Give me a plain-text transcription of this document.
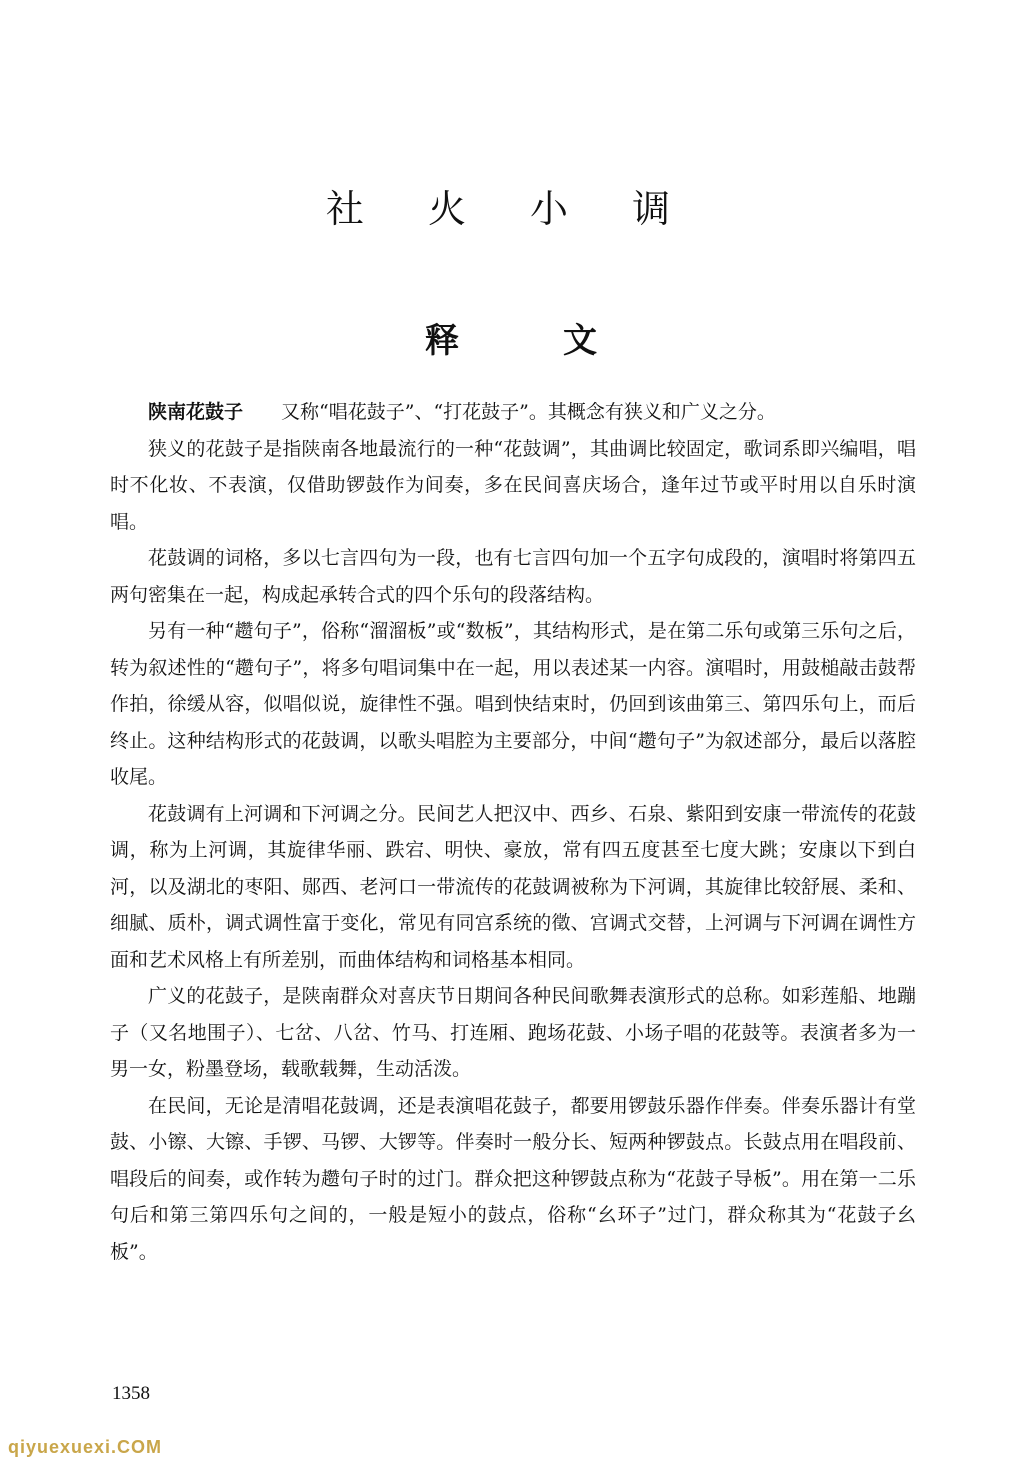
社 火 小 调
释	文

陕南花鼓子 又称“唱花鼓子”、“打花鼓子”。其概念有狭义和广义之分。

狭义的花鼓子是指陕南各地最流行的一种“花鼓调”，其曲调比较固定，歌词系即兴编唱，唱时不化妆、不表演，仅借助锣鼓作为间奏，多在民间喜庆场合，逢年过节或平时用以自乐时演唱。

花鼓调的词格，多以七言四句为一段，也有七言四句加一个五字句成段的，演唱时将第四五两句密集在一起，构成起承转合式的四个乐句的段落结构。

另有一种“趱句子”，俗称“溜溜板”或“数板”，其结构形式，是在第二乐句或第三乐句之后，转为叙述性的“趱句子”，将多句唱词集中在一起，用以表述某一内容。演唱时，用鼓槌敲击鼓帮作拍，徐缓从容，似唱似说，旋律性不强。唱到快结束时，仍回到该曲第三、第四乐句上，而后终止。这种结构形式的花鼓调，以歌头唱腔为主要部分，中间“趱句子”为叙述部分，最后以落腔收尾。

花鼓调有上河调和下河调之分。民间艺人把汉中、西乡、石泉、紫阳到安康一带流传的花鼓调，称为上河调，其旋律华丽、跌宕、明快、豪放，常有四五度甚至七度大跳；安康以下到白河，以及湖北的枣阳、郧西、老河口一带流传的花鼓调被称为下河调，其旋律比较舒展、柔和、细腻、质朴，调式调性富于变化，常见有同宫系统的徵、宫调式交替，上河调与下河调在调性方面和艺术风格上有所差别，而曲体结构和词格基本相同。

广义的花鼓子，是陕南群众对喜庆节日期间各种民间歌舞表演形式的总称。如彩莲船、地蹦子（又名地围子）、七岔、八岔、竹马、打连厢、跑场花鼓、小场子唱的花鼓等。表演者多为一男一女，粉墨登场，载歌载舞，生动活泼。

在民间，无论是清唱花鼓调，还是表演唱花鼓子，都要用锣鼓乐器作伴奏。伴奏乐器计有堂鼓、小镲、大镲、手锣、马锣、大锣等。伴奏时一般分长、短两种锣鼓点。长鼓点用在唱段前、唱段后的间奏，或作转为趱句子时的过门。群众把这种锣鼓点称为“花鼓子导板”。用在第一二乐句后和第三第四乐句之间的，一般是短小的鼓点，俗称“幺环子”过门，群众称其为“花鼓子幺板”。

1358
qiyuexuexi.COM
